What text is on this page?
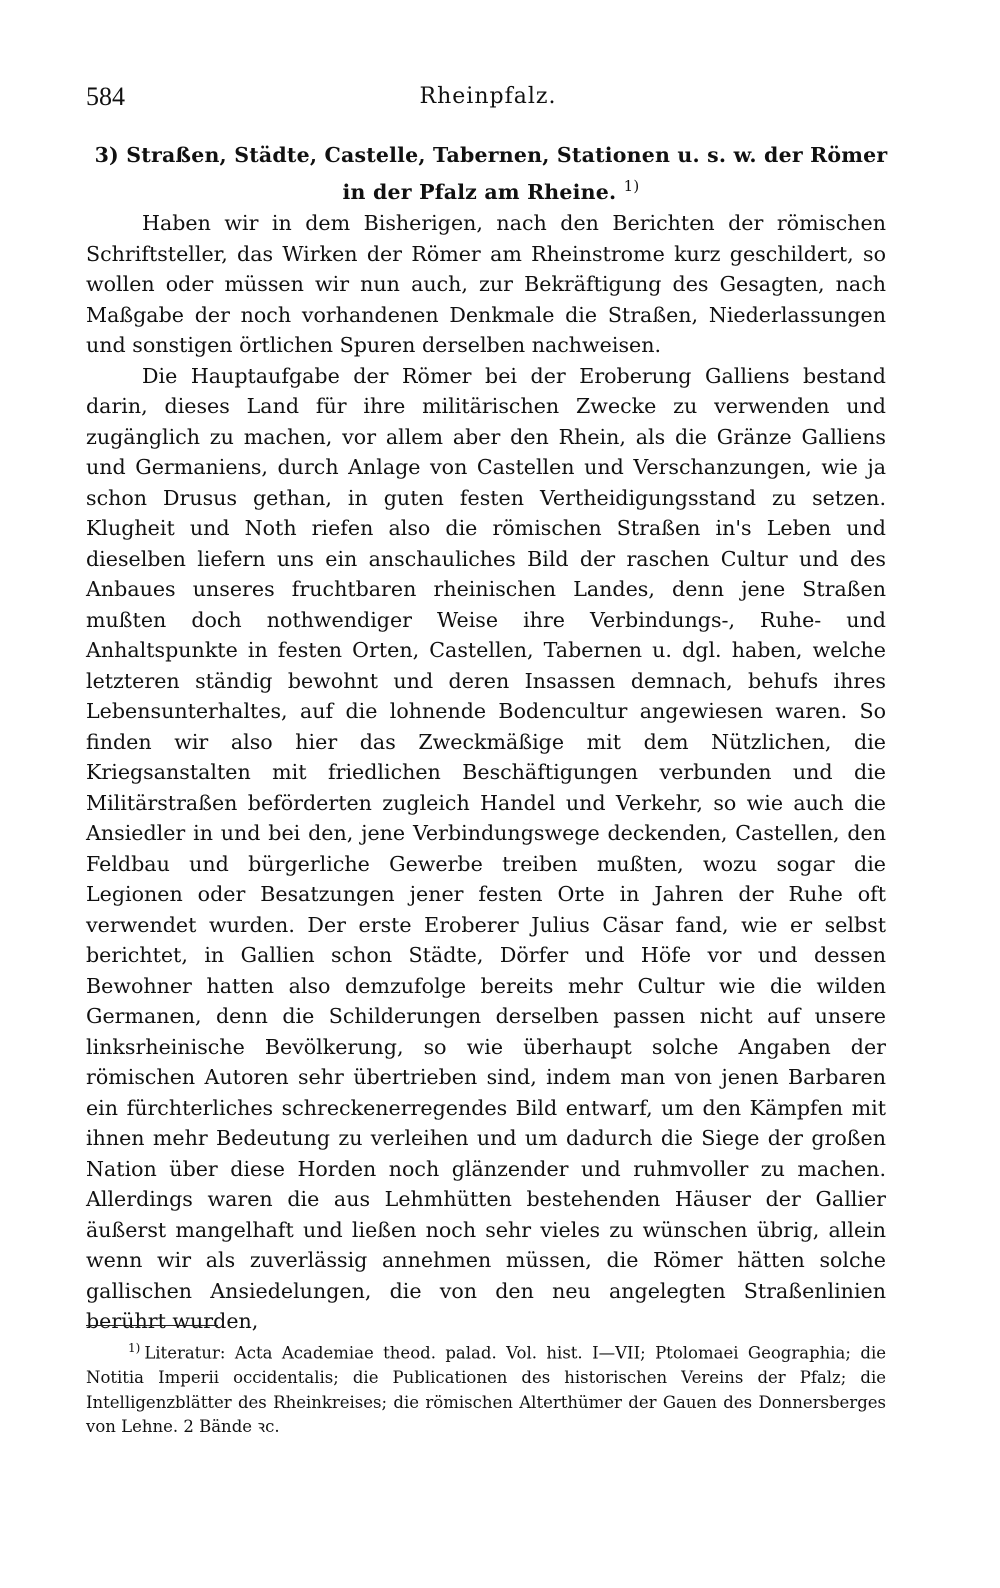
584	Rheinpfalz.
3) Straßen, Städte, Castelle, Tabernen, Stationen u. s. w. der Römer in der Pfalz am Rheine. $^{1)}$

Haben wir in dem Bisherigen, nach den Berichten der römischen Schriftsteller, das Wirken der Römer am Rheinstrome kurz geschildert, so wollen oder müssen wir nun auch, zur Bekräftigung des Gesagten, nach Maßgabe der noch vorhandenen Denkmale die Straßen, Niederlassungen und sonstigen örtlichen Spuren derselben nachweisen.

Die Hauptaufgabe der Römer bei der Eroberung Galliens bestand darin, dieses Land für ihre militärischen Zwecke zu verwenden und zugänglich zu machen, vor allem aber den Rhein, als die Gränze Galliens und Germaniens, durch Anlage von Castellen und Verschanzungen, wie ja schon Drusus gethan, in guten festen Vertheidigungsstand zu setzen. Klugheit und Noth riefen also die römischen Straßen in's Leben und dieselben liefern uns ein anschauliches Bild der raschen Cultur und des Anbaues unseres fruchtbaren rheinischen Landes, denn jene Straßen mußten doch nothwendiger Weise ihre Verbindungs-, Ruhe- und Anhaltspunkte in festen Orten, Castellen, Tabernen u. dgl. haben, welche letzteren ständig bewohnt und deren Insassen demnach, behufs ihres Lebensunterhaltes, auf die lohnende Bodencultur angewiesen waren. So finden wir also hier das Zweckmäßige mit dem Nützlichen, die Kriegsanstalten mit friedlichen Beschäftigungen verbunden und die Militärstraßen beförderten zugleich Handel und Verkehr, so wie auch die Ansiedler in und bei den, jene Verbindungswege deckenden, Castellen, den Feldbau und bürgerliche Gewerbe treiben mußten, wozu sogar die Legionen oder Besatzungen jener festen Orte in Jahren der Ruhe oft verwendet wurden. Der erste Eroberer Julius Cäsar fand, wie er selbst berichtet, in Gallien schon Städte, Dörfer und Höfe vor und dessen Bewohner hatten also demzufolge bereits mehr Cultur wie die wilden Germanen, denn die Schilderungen derselben passen nicht auf unsere linksrheinische Bevölkerung, so wie überhaupt solche Angaben der römischen Autoren sehr übertrieben sind, indem man von jenen Barbaren ein fürchterliches schreckenerregendes Bild entwarf, um den Kämpfen mit ihnen mehr Bedeutung zu verleihen und um dadurch die Siege der großen Nation über diese Horden noch glänzender und ruhmvoller zu machen. Allerdings waren die aus Lehmhütten bestehenden Häuser der Gallier äußerst mangelhaft und ließen noch sehr vieles zu wünschen übrig, allein wenn wir als zuverlässig annehmen müssen, die Römer hätten solche gallischen Ansiedelungen, die von den neu angelegten Straßenlinien berührt wurden,

$^{1)}$ Literatur: Acta Academiae theod. palad. Vol. hist. I—VII; Ptolomaei Geographia; die Notitia Imperii occidentalis; die Publicationen des historischen Vereins der Pfalz; die Intelligenzblätter des Rheinkreises; die römischen Alterthümer der Gauen des Donnersberges von Lehne. 2 Bände ꝛc.
